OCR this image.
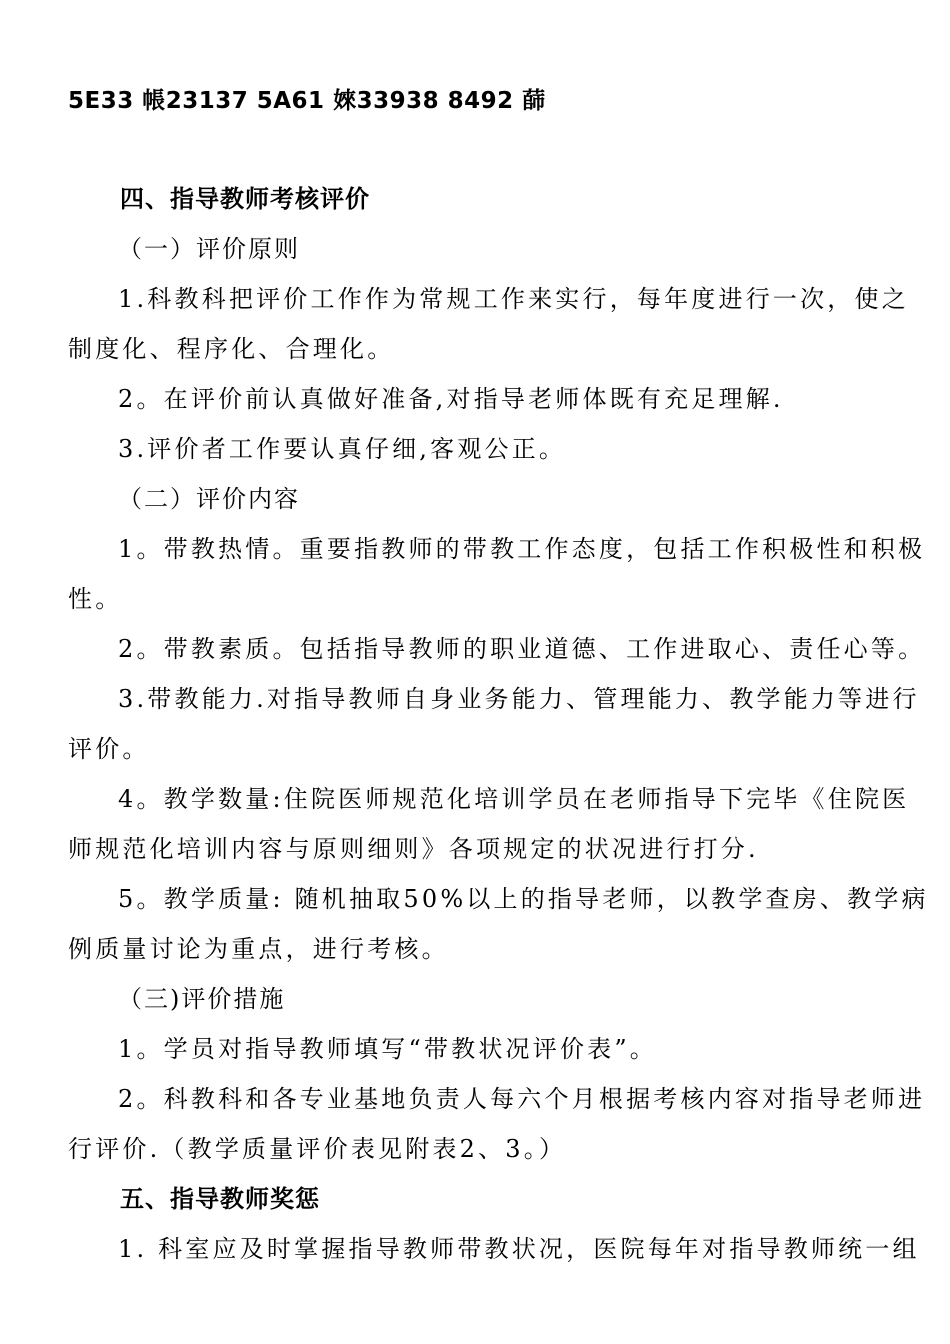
5E33 帳23137 5A61 婡33938 8492 蒒
四、指导教师考核评价
（一）评价原则
1.科教科把评价工作作为常规工作来实行，每年度进行一次，使之
制度化、程序化、合理化。
2。在评价前认真做好准备,对指导老师体既有充足理解.
3.评价者工作要认真仔细,客观公正。
（二）评价内容
1。带教热情。重要指教师的带教工作态度，包括工作积极性和积极
性。
2。带教素质。包括指导教师的职业道德、工作进取心、责任心等。
3.带教能力.对指导教师自身业务能力、管理能力、教学能力等进行
评价。
4。教学数量:住院医师规范化培训学员在老师指导下完毕《住院医
师规范化培训内容与原则细则》各项规定的状况进行打分.
5。教学质量: 随机抽取50%以上的指导老师，以教学查房、教学病
例质量讨论为重点，进行考核。
（三)评价措施
1。学员对指导教师填写“带教状况评价表”。
2。科教科和各专业基地负责人每六个月根据考核内容对指导老师进
行评价.（教学质量评价表见附表2、3。）
五、指导教师奖惩
1. 科室应及时掌握指导教师带教状况，医院每年对指导教师统一组
